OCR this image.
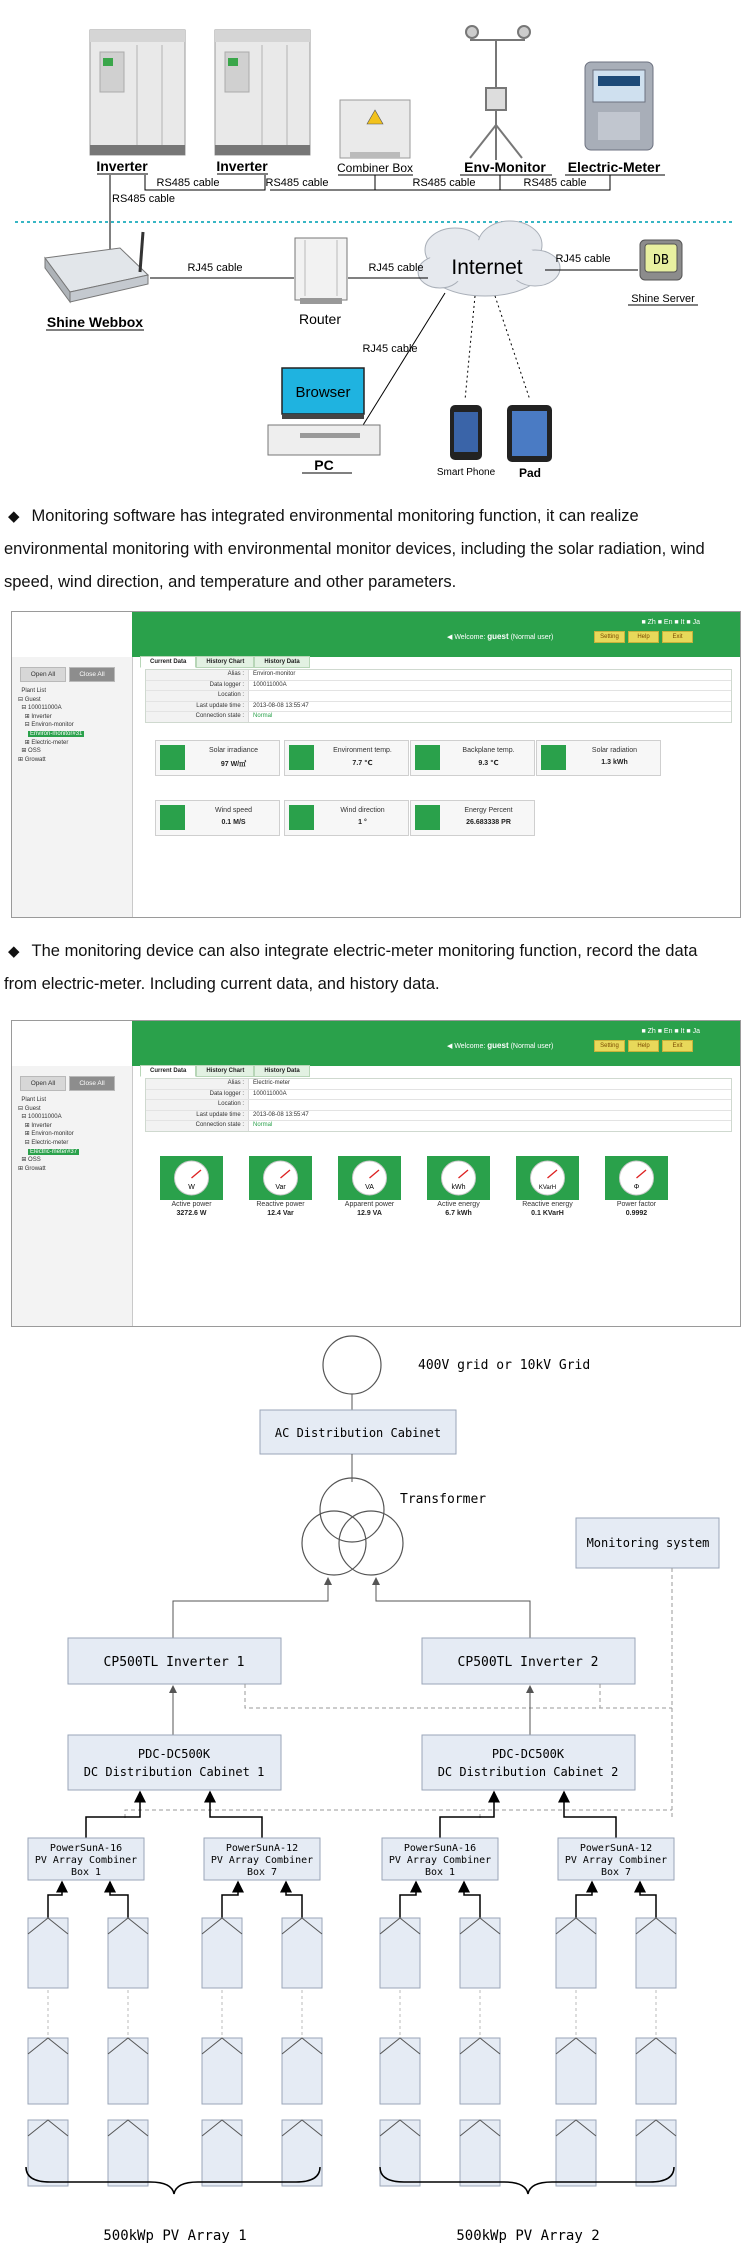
Inverter	Inverter	Combiner Box	Env-Monitor Electric-Meter
RS485 cable	RS485 cable	RS485 cable	RS485 cable
RS485 cable
Shine Webbox	Router
Internet	DB
Shine Server
RJ45 cable	RJ45 cable
RJ45 cable
RJ45 cable
Browser
PC	Smart Phone Pad
◆ Monitoring software has integrated environmental monitoring function, it can realize
environmental monitoring with environmental monitor devices, including the solar radiation, wind
speed, wind direction, and temperature and other parameters.
■ Zh ■ En ■ It ■ Ja
◀ Welcome: guest (Normal user)	Setting	Help	Exit
Open All	Close All
Plant List
⊟ Guest
⊟ 100011000A
⊞ Inverter
⊟ Environ-monitor
Environ-monitor#31
⊞ Electric-meter
⊞ OSS
⊞ Growatt
Current Data	History Chart	History Data
Alias :	Environ-monitor
Data logger :	100011000A
Location :
Last update time :	2013-08-08 13:55:47
Connection state :	Normal
Solar irradiance
97 W/㎡
Environment temp.
7.7 ℃
Backplane temp.
9.3 ℃
Solar radiation
1.3 kWh
Wind speed
0.1 M/S
Wind direction
1 °
Energy Percent
26.683338 PR
◆ The monitoring device can also integrate electric-meter monitoring function, record the data
from electric-meter. Including current data, and history data.
■ Zh ■ En ■ It ■ Ja
◀ Welcome: guest (Normal user)	Setting	Help	Exit
Open All	Close All
Plant List
⊟ Guest
⊟ 100011000A
⊞ Inverter
⊞ Environ-monitor
⊟ Electric-meter
Electric-meter#37
⊞ OSS
⊞ Growatt
Current Data	History Chart	History Data
Alias :	Electric-meter
Data logger :	100011000A
Location :
Last update time :	2013-08-08 13:55:47
Connection state :	Normal
W
Active power
3272.6 W
Var
Reactive power
12.4 Var
VA
Apparent power
12.9 VA
kWh
Active energy
6.7 kWh
KVarH
Reactive energy
0.1 KVarH
Φ
Power factor
0.9992
400V grid or 10kV Grid
AC Distribution Cabinet
Transformer
Monitoring system
CP500TL Inverter 1	CP500TL Inverter 2
PDC-DC500K
DC Distribution Cabinet 1
PDC-DC500K
DC Distribution Cabinet 2
PowerSunA-16
PV Array Combiner
Box 1
PowerSunA-12
PV Array Combiner
Box 7
PowerSunA-16
PV Array Combiner
Box 1
PowerSunA-12
PV Array Combiner
Box 7
500kWp PV Array 1	500kWp PV Array 2
